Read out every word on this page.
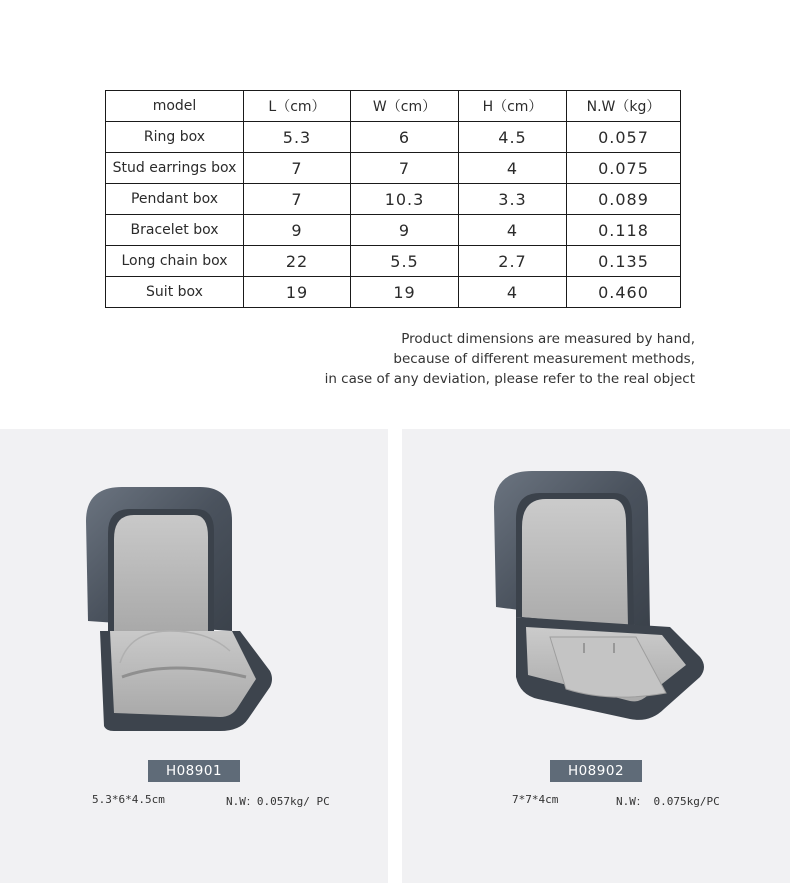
model	L（cm）	W（cm）	H（cm）	N.W（kg）
Ring box	5.3	6	4.5	0.057
Stud earrings box	7	7	4	0.075
Pendant box	7	10.3	3.3	0.089
Bracelet box	9	9	4	0.118
Long chain box	22	5.5	2.7	0.135
Suit box	19	19	4	0.460
Product dimensions are measured by hand,
because of different measurement methods,
in case of any deviation, please refer to the real object
H08901
5.3*6*4.5cm	N.W：0.057kg/ PC
H08902
7*7*4cm	N.W： 0.075kg/PC
